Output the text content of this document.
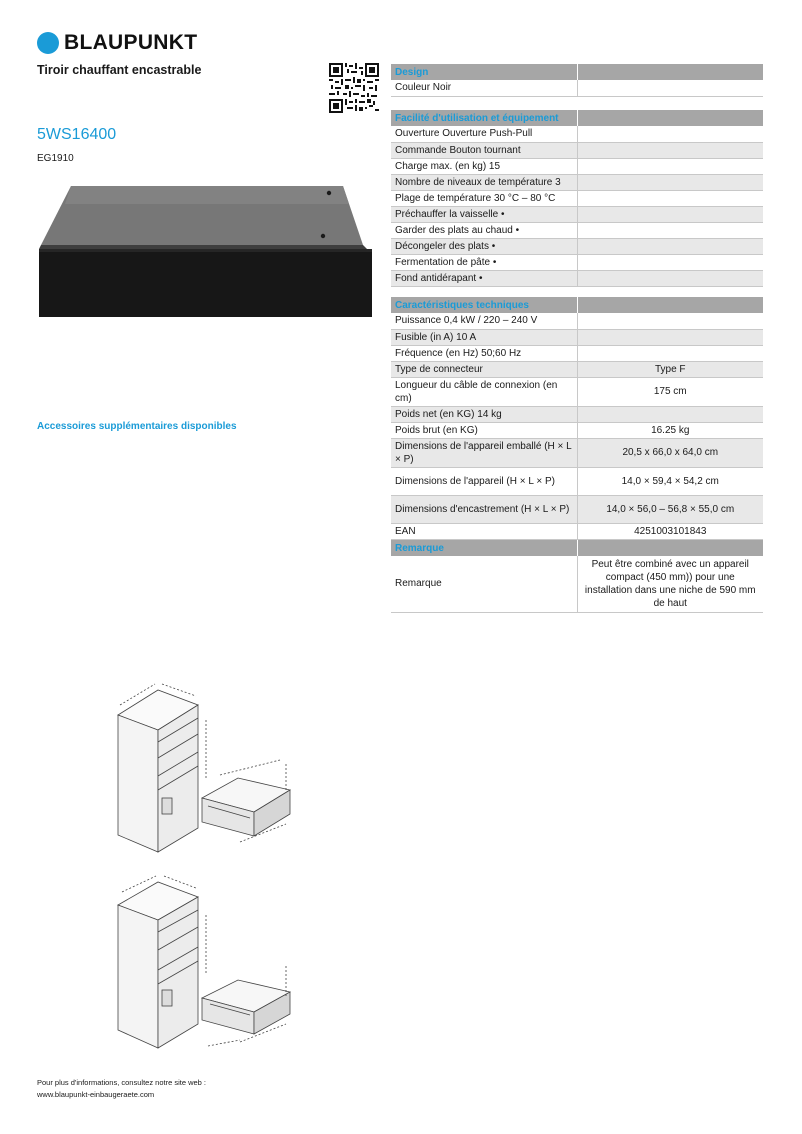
BLAUPUNKT
Tiroir chauffant encastrable
5WS16400
EG1910
Accessoires supplémentaires disponibles
Design	
Couleur Noir	
Facilité d'utilisation et équipement	
Ouverture Ouverture Push-Pull	
Commande Bouton tournant	
Charge max. (en kg) 15	
Nombre de niveaux de température 3	
Plage de température 30 °C – 80 °C	
Préchauffer la vaisselle •	
Garder des plats au chaud •	
Décongeler des plats •	
Fermentation de pâte •	
Fond antidérapant •	
Caractéristiques techniques	
Puissance 0,4 kW / 220 – 240 V	
Fusible (in A) 10 A	
Fréquence (en Hz) 50;60 Hz	
Type de connecteur	Type F
Longueur du câble de connexion (en cm)	175 cm
Poids net (en KG) 14 kg	
Poids brut (en KG)	16.25 kg
Dimensions de l'appareil emballé (H × L × P)	20,5 x 66,0 x 64,0 cm
Dimensions de l'appareil (H × L × P)	14,0 × 59,4 × 54,2 cm
Dimensions d'encastrement (H × L × P)	14,0 × 56,0 – 56,8 × 55,0 cm
EAN	4251003101843
Remarque	
Remarque	Peut être combiné avec un appareil compact (450 mm)) pour une installation dans une niche de 590 mm de haut
Pour plus d'informations, consultez notre site web :
www.blaupunkt-einbaugeraete.com
